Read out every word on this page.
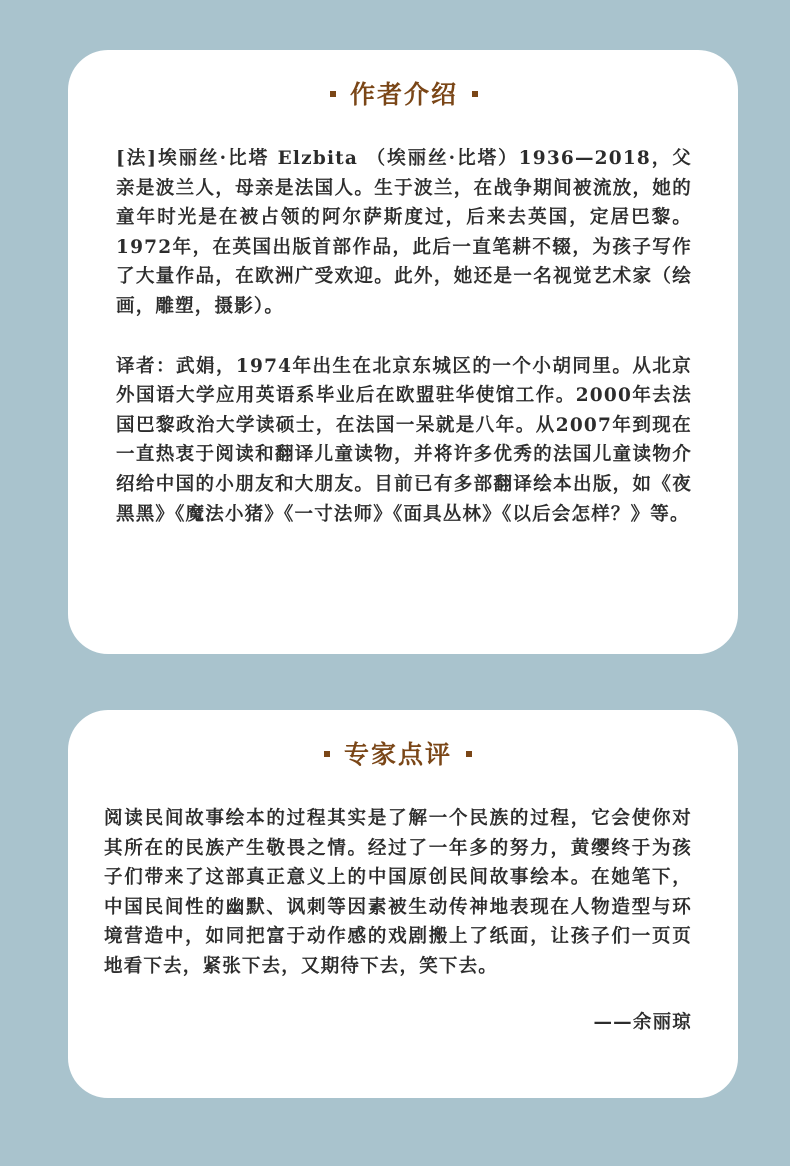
作者介绍

[法]埃丽丝·比塔 Elzbita （埃丽丝·比塔）1936—2018，父亲是波兰人，母亲是法国人。生于波兰，在战争期间被流放，她的童年时光是在被占领的阿尔萨斯度过，后来去英国，定居巴黎。 1972年，在英国出版首部作品，此后一直笔耕不辍，为孩子写作了大量作品，在欧洲广受欢迎。此外，她还是一名视觉艺术家（绘画，雕塑，摄影）。

译者：武娟，1974年出生在北京东城区的一个小胡同里。从北京外国语大学应用英语系毕业后在欧盟驻华使馆工作。2000年去法国巴黎政治大学读硕士，在法国一呆就是八年。从2007年到现在一直热衷于阅读和翻译儿童读物，并将许多优秀的法国儿童读物介绍给中国的小朋友和大朋友。目前已有多部翻译绘本出版，如《夜黑黑》《魔法小猪》《一寸法师》《面具丛林》《以后会怎样？》等。

专家点评

阅读民间故事绘本的过程其实是了解一个民族的过程，它会使你对其所在的民族产生敬畏之情。经过了一年多的努力，黄缨终于为孩子们带来了这部真正意义上的中国原创民间故事绘本。在她笔下，中国民间性的幽默、讽刺等因素被生动传神地表现在人物造型与环境营造中，如同把富于动作感的戏剧搬上了纸面，让孩子们一页页地看下去，紧张下去，又期待下去，笑下去。

——余丽琼
